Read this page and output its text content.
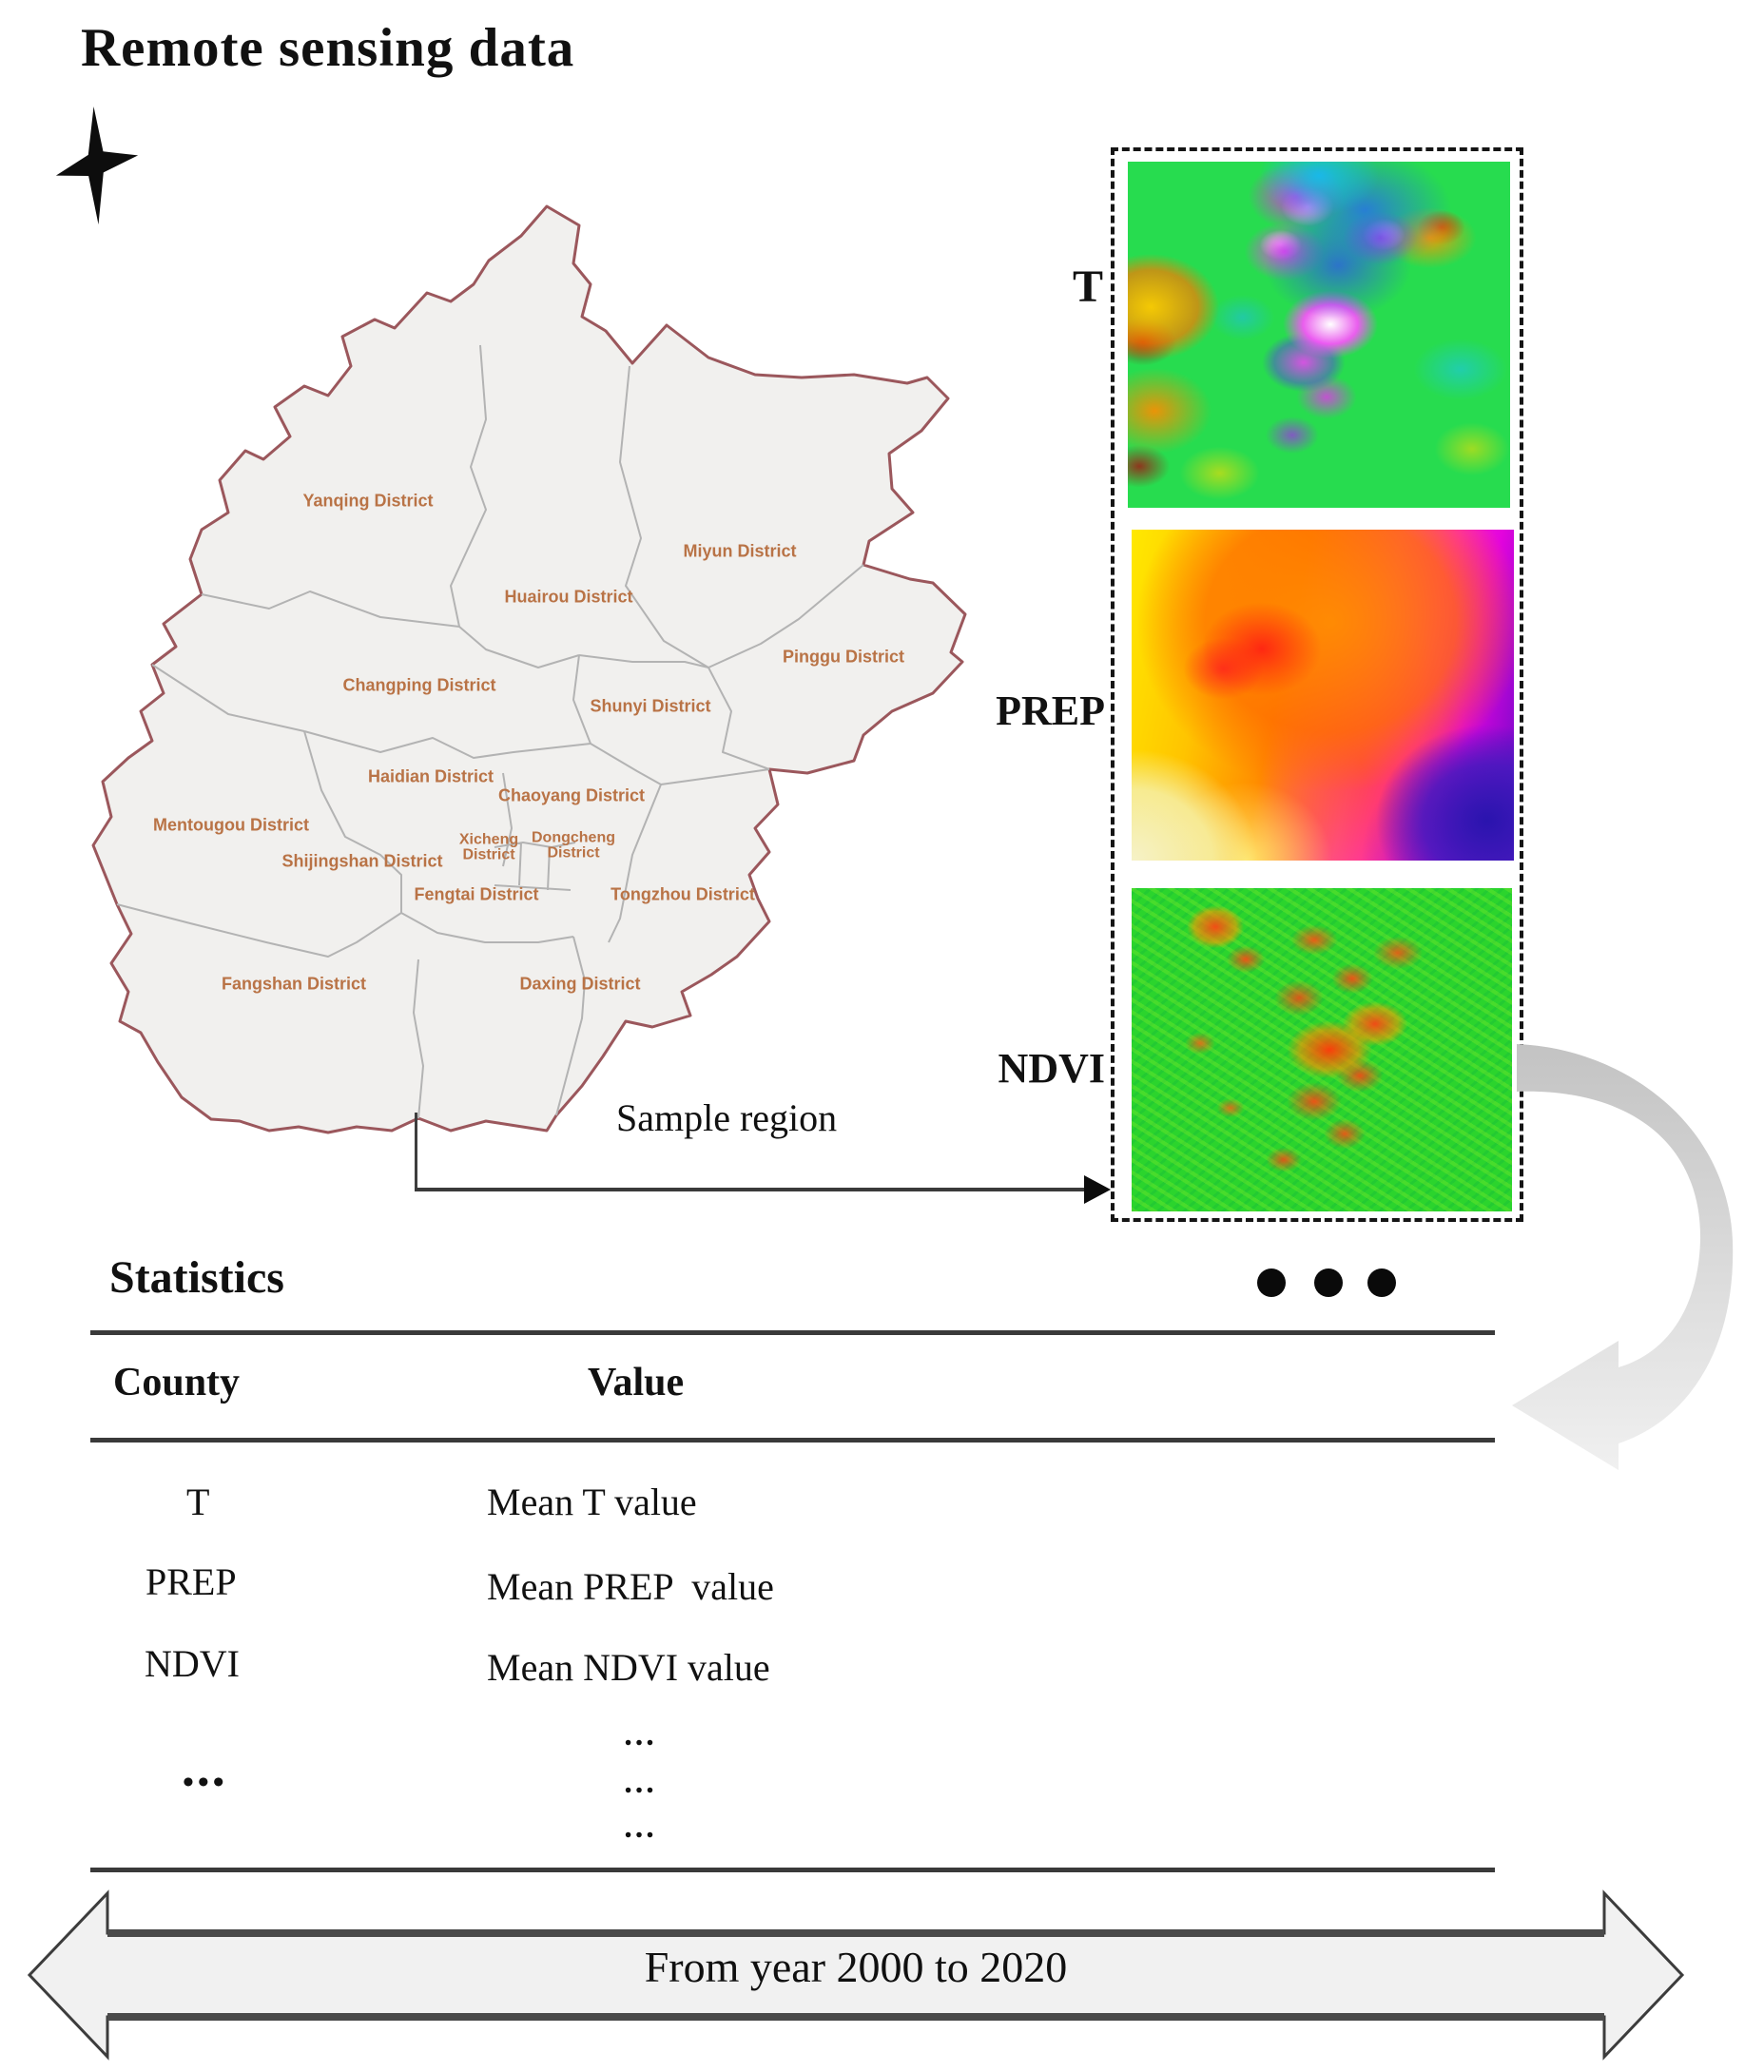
Remote sensing data
Yanqing District
Miyun District
Huairou District
Pinggu District
Changping District
Shunyi District
Haidian District
Chaoyang District
Mentougou District
Xicheng District
Dongcheng District
Shijingshan District
Fengtai District	Tongzhou District
Fangshan District	Daxing District
T
PREP
NDVI
Sample region
Statistics
County	Value
T	Mean T value
PREP	Mean PREP  value
NDVI	Mean NDVI value
…
•••	…
…
From year 2000 to 2020
